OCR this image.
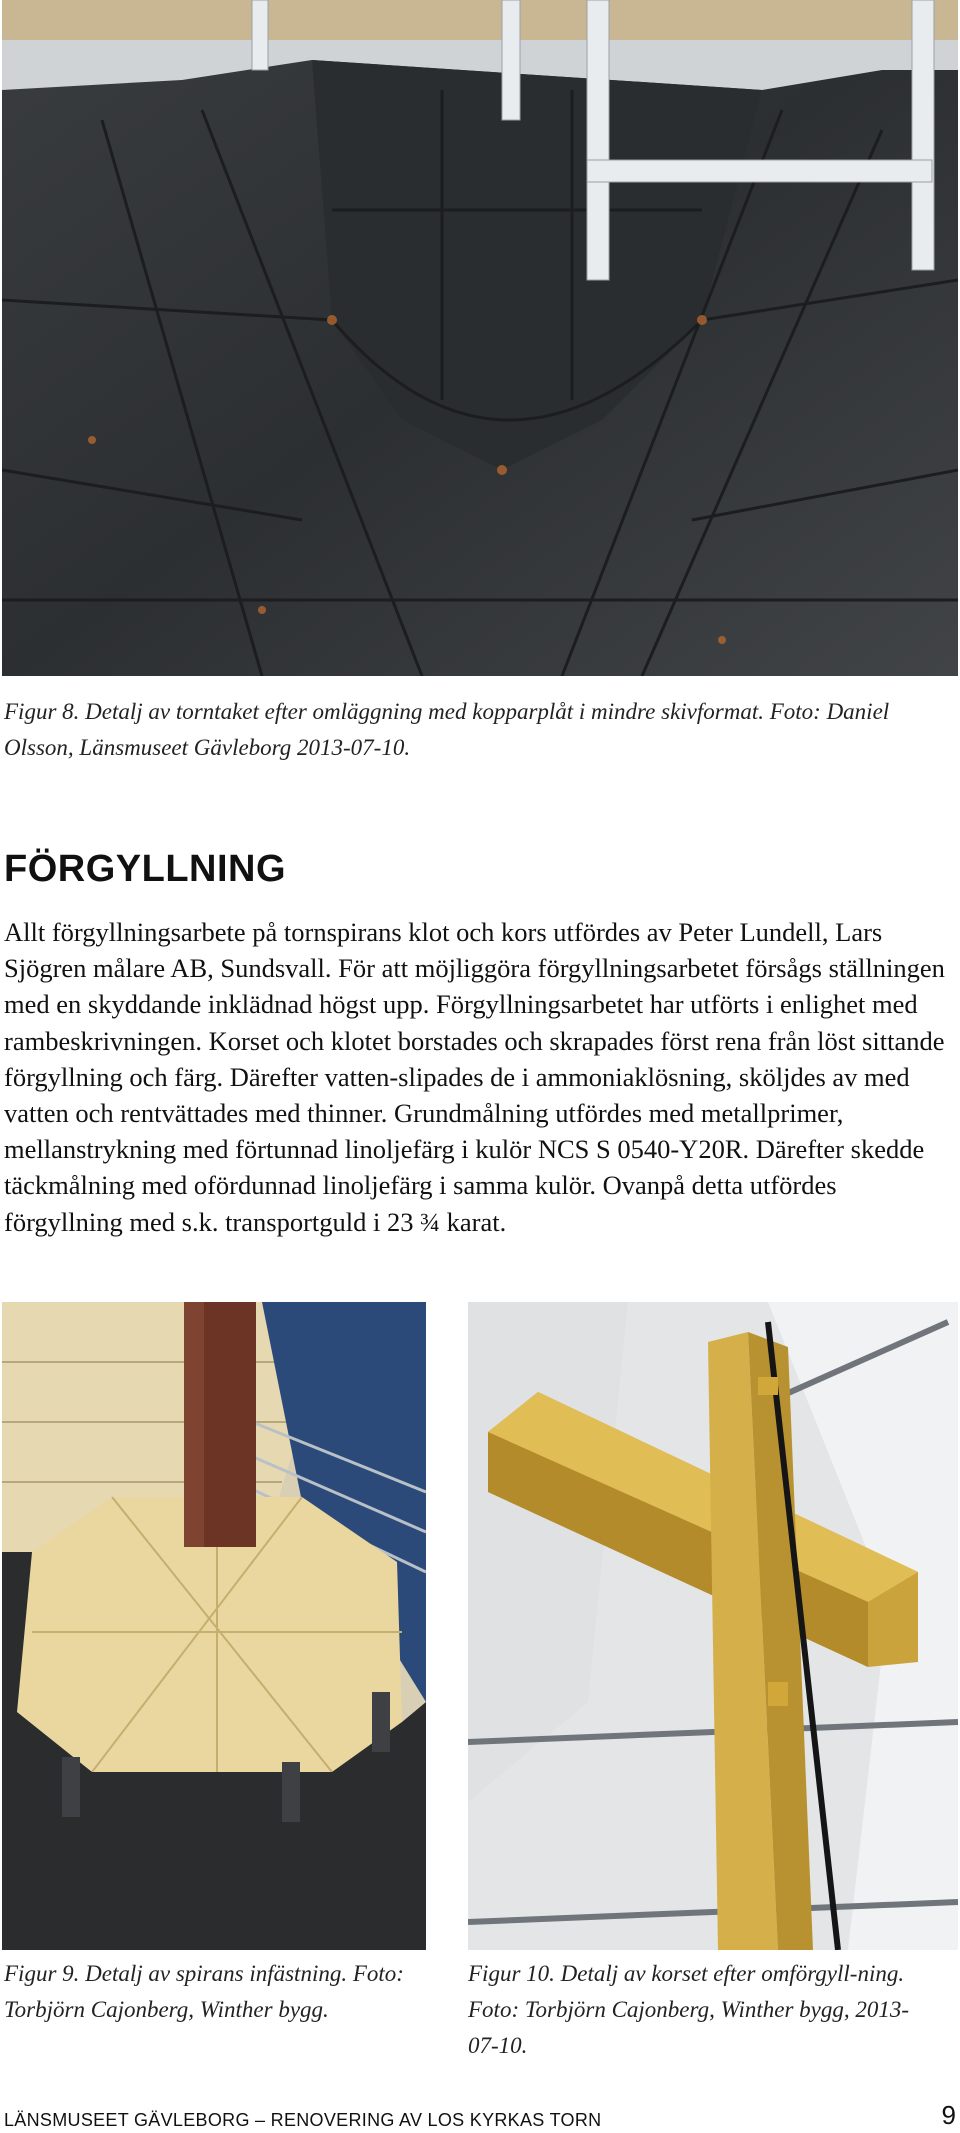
Figur 8. Detalj av torntaket efter omläggning med kopparplåt i mindre skivformat. Foto: Daniel Olsson, Länsmuseet Gävleborg 2013-07-10.

FÖRGYLLNING

Allt förgyllningsarbete på tornspirans klot och kors utfördes av Peter Lundell, Lars Sjögren målare AB, Sundsvall. För att möjliggöra förgyllningsarbetet försågs ställningen med en skyddande inklädnad högst upp. Förgyllningsarbetet har utförts i enlighet med rambeskrivningen. Korset och klotet borstades och skrapades först rena från löst sittande förgyllning och färg. Därefter vatten-slipades de i ammoniaklösning, sköljdes av med vatten och rentvättades med thinner. Grundmålning utfördes med metallprimer, mellanstrykning med förtunnad linoljefärg i kulör NCS S 0540-Y20R. Därefter skedde täckmålning med ofördunnad linoljefärg i samma kulör. Ovanpå detta utfördes förgyllning med s.k. transportguld i 23 ¾ karat.

Figur 9. Detalj av spirans infästning. Foto: Torbjörn Cajonberg, Winther bygg.

Figur 10. Detalj av korset efter omförgyll-ning. Foto: Torbjörn Cajonberg, Winther bygg, 2013-07-10.

LÄNSMUSEET GÄVLEBORG – RENOVERING AV LOS KYRKAS TORN	9
